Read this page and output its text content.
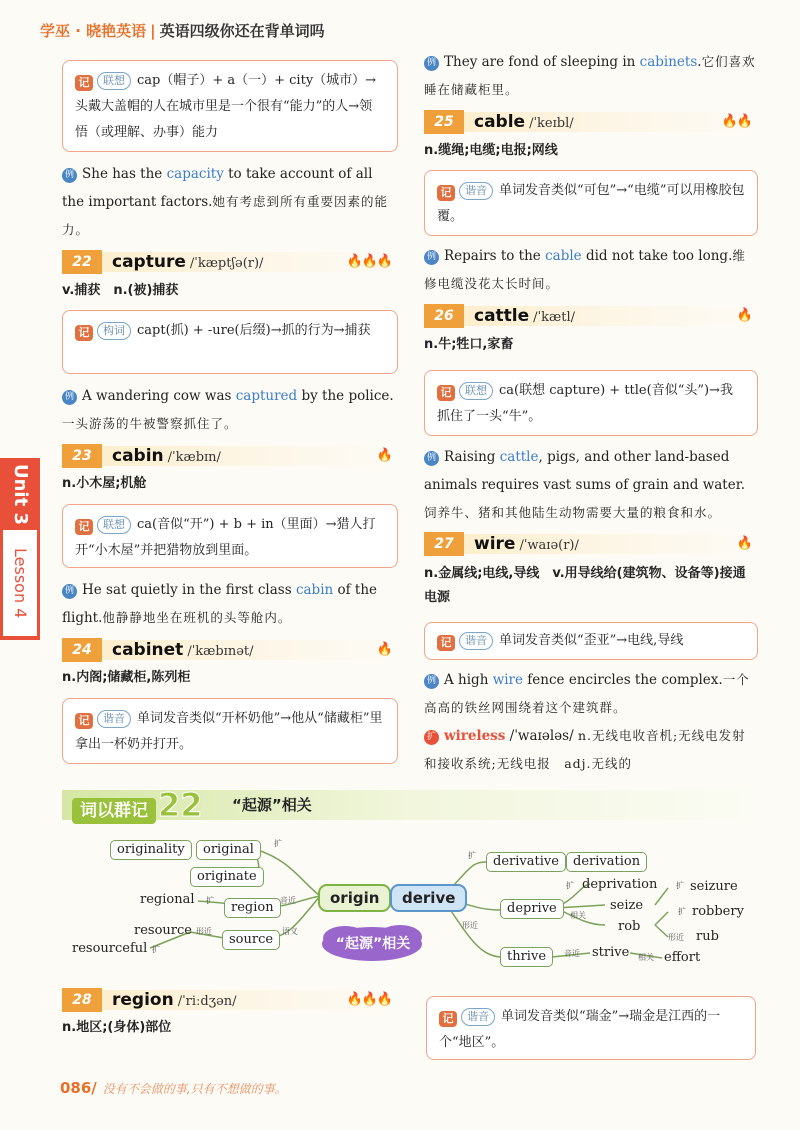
学巫 · 晓艳英语 | 英语四级你还在背单词吗
Unit 3
Lesson 4
记 联想 cap（帽子）+ a（一）+ city（城市）→ 头戴大盖帽的人在城市里是一个很有“能力”的人→领悟（或理解、办事）能力
例 She has the capacity to take account of all the important factors.她有考虑到所有重要因素的能力。
22	capture /ˈkæptʃə(r)/	🔥🔥🔥
v.捕获　n.(被)捕获
记 构词 capt(抓) + -ure(后缀)→抓的行为→捕获
例 A wandering cow was captured by the police.一头游荡的牛被警察抓住了。
23	cabin /ˈkæbɪn/	🔥
n.小木屋;机舱
记 联想 ca(音似“开”) + b + in（里面）→猎人打开“小木屋”并把猎物放到里面。
例 He sat quietly in the first class cabin of the flight.他静静地坐在班机的头等舱内。
24	cabinet /ˈkæbɪnət/	🔥
n.内阁;储藏柜,陈列柜
记 谐音 单词发音类似“开杯奶他”→他从“储藏柜”里拿出一杯奶并打开。
例 They are fond of sleeping in cabinets.它们喜欢睡在储藏柜里。
25	cable /ˈkeɪbl/	🔥🔥
n.缆绳;电缆;电报;网线
记 谐音 单词发音类似“可包”→“电缆”可以用橡胶包覆。
例 Repairs to the cable did not take too long.维修电缆没花太长时间。
26	cattle /ˈkætl/	🔥
n.牛;牲口,家畜
记 联想 ca(联想 capture) + ttle(音似“头”)→我抓住了一头“牛”。
例 Raising cattle, pigs, and other land-based animals requires vast sums of grain and water.饲养牛、猪和其他陆生动物需要大量的粮食和水。
27	wire /ˈwaɪə(r)/	🔥
n.金属线;电线,导线　v.用导线给(建筑物、设备等)接通电源
记 谐音 单词发音类似“歪亚”→电线,导线
例 A high wire fence encircles the complex.一个高高的铁丝网围绕着这个建筑群。
扩 wireless /ˈwaɪələs/ n.无线电收音机;无线电发射和接收系统;无线电报　adj.无线的
词以群记 22 “起源”相关
“起源”相关
origin	derive
originality	original
originate
regional
region
resource
source
resourceful
derivative	derivation
deprivation	seizure
deprive	seize
rob
robbery
rub
thrive	strive	effort
扩
扩	音近
形近	语义
扩
扩
扩	扩
相关	扩
形近
形近
音近	相关
28	region /ˈriːdʒən/	🔥🔥🔥
n.地区;(身体)部位
记 谐音 单词发音类似“瑞金”→瑞金是江西的一个“地区”。
086/ 没有不会做的事,只有不想做的事。
